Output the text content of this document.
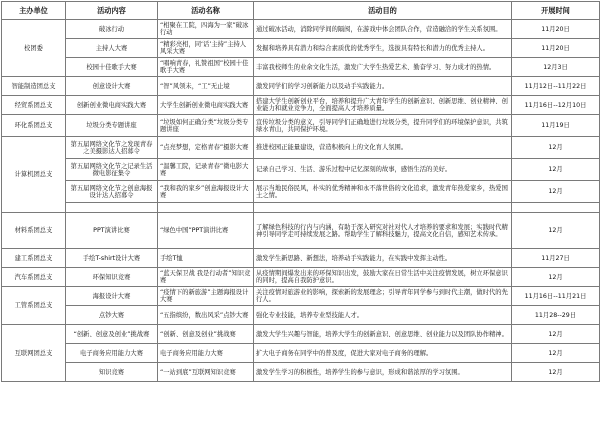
主办单位	活动内容	活动名称	活动目的	开展时间
校团委	破冰行动	“相聚在工院，四海为一家”破冰行动	通过破冰活动，消除同学间的隔阂，在游戏中体会团队合作，营造融洽的学生关系氛围。	11月20日
	主持人大赛	“精彩亮相，同‘话’主持”主持人风采大赛	发掘和培养具有潜力和综合素质优的优秀学生，选拔具有特长和潜力的优秀主持人。	11月20日
	校园十佳歌手大赛	“唱响青春，礼赞祖国”校园十佳歌手大赛	丰富我校师生的业余文化生活，激发广大学生热爱艺术、勤奋学习、努力成才的热情。	12月3日
智能制造团总支	创意设计大赛	“智”风领未，“工”无止境	激发同学们的学习创新能力以及动手实践能力。	11月12日--11月22日
经贸系团总支	创新创业微电商实践大赛	大学生创新创业微电商实践大赛	搭建大学生创新创业平台，培养和提升广大青年学生的创新意识、创新思维、创业精神、创业能力和就业竞争力，全面提高人才培养质量。	11月16日--12月10日
环化系团总支	垃圾分类专题讲座	“垃圾如何正确分类”垃圾分类专题讲座	宣传垃圾分类的意义，引导同学们正确地进行垃圾分类，提升同学们的环境保护意识，共筑绿水青山，共同保护环境。	11月19日
计算机团总支	第五届网络文化节之发现青春之美摄影达人招募令	“点亮梦想，定格青春”摄影大赛	推进校园正能量建设，营造积极向上的文化育人氛围。	12月
	第五届网络文化节之记录生活微电影征集令	“温馨工院，记录青春”微电影大赛	记录自己学习、生活、游乐过程中记忆深刻的故事，感悟生活的美好。	12月
	第五届网络文化节之创意海报设计达人招募令	“我和我的家乡”创意海报设计大赛	展示当地民俗民风，朴实的优秀精神和永不落世俗的文化追求，激发青年热爱家乡，热爱国土之情。	12月

材料系团总支	PPT演讲比赛	“绿色中国”PPT演讲比赛	了解绿色科技的行内与内涵，有助于深入研究对社对代人才培养的要求和发展；实践时代精神引导同学走可持续发展之路。帮助学生了解科技魅力，提高文化自信，感知艺术传承。	12月
建工系团总支	手绘T-shirt设计大赛	手绘T恤	激发学生新思路、新想法，培养动手实践能力，在实践中发挥主动性。	11月27日
汽车系团总支	环保知识竞赛	“蓝天保卫战 我是行动者”知识竞赛	从疫情期间爆发出来的环保知识出发，鼓励大家在日常生活中关注疫情发展，树立环保意识的同时，提高自我防护意识。	12月
工管系团总支	海报设计大赛	“疫情下的新旅游”主题海报设计大赛	关注疫情对旅游业的影响，探索新的发展理念；引导青年同学参与到时代主潮，做时代的先行人。	11月16日--11月21日
	点钞大赛	“五指缤纷，数出风采”点钞大赛	强化专业技能，培养专业型技能人才。	11月28--29日
互联网团总支	“创新、创意及创业”挑战赛	“创新、创意及创业”挑战赛	激发大学生兴趣与智能，培养大学生的创新意识、创意思维、创业能力以及团队协作精神。	12月
	电子商务应用能力大赛	电子商务应用能力大赛	扩大电子商务在同学中的普及度，促进大家对电子商务的理解。	12月
	知识竞赛	“一站到底”互联网知识竞赛	激发学生学习的积极性，培养学生的参与意识，形成和谐浓厚的学习氛围。	12月
